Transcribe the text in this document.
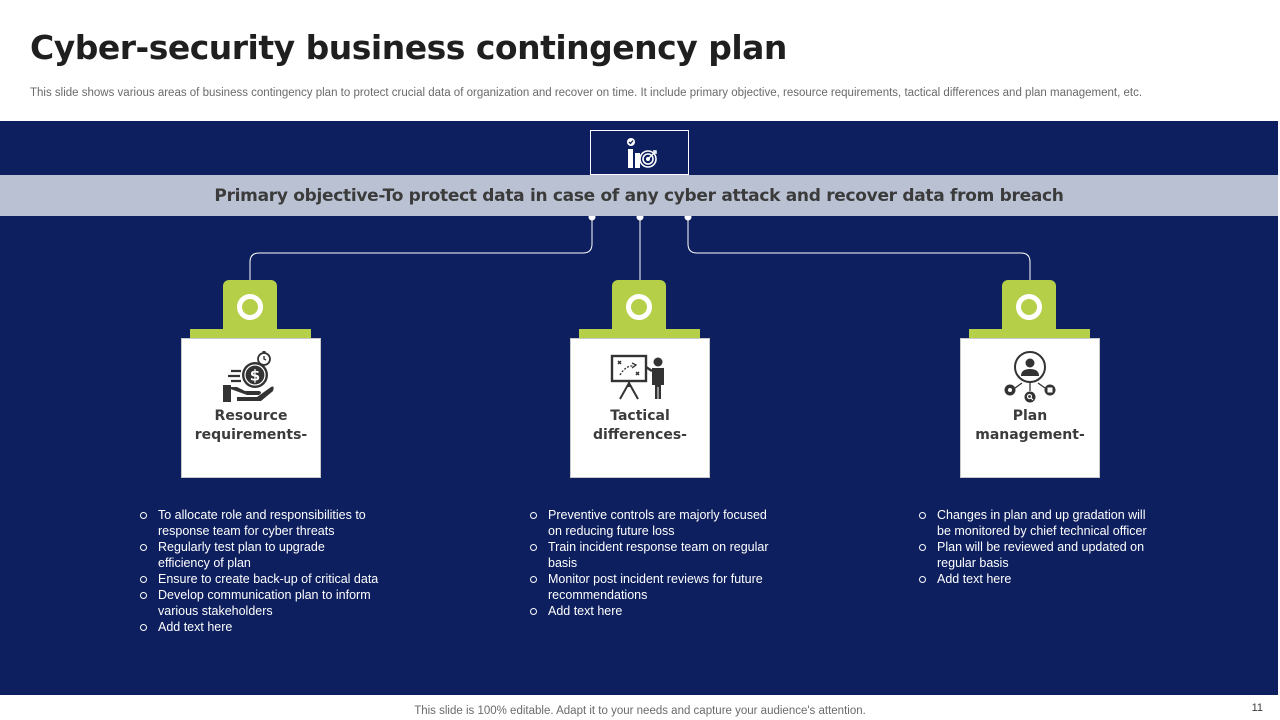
Cyber-security business contingency plan
This slide shows various areas of business contingency plan to protect crucial data of organization and recover on time. It include primary objective, resource requirements, tactical differences and plan management, etc.
Primary objective-To protect data in case of any cyber attack and recover data from breach
$
Resource requirements-
To allocate role and responsibilities to response team for cyber threats
Regularly test plan to upgrade efficiency of plan
Ensure to create back-up of critical data
Develop communication plan to inform various stakeholders
Add text here
Tactical differences-
Preventive controls are majorly focused on reducing future loss
Train incident response team on regular basis
Monitor post incident reviews for future recommendations
Add text here
Plan management-
Changes in plan and up gradation will be monitored by chief technical officer
Plan will be reviewed and updated on regular basis
Add text here
This slide is 100% editable. Adapt it to your needs and capture your audience's attention.	11
